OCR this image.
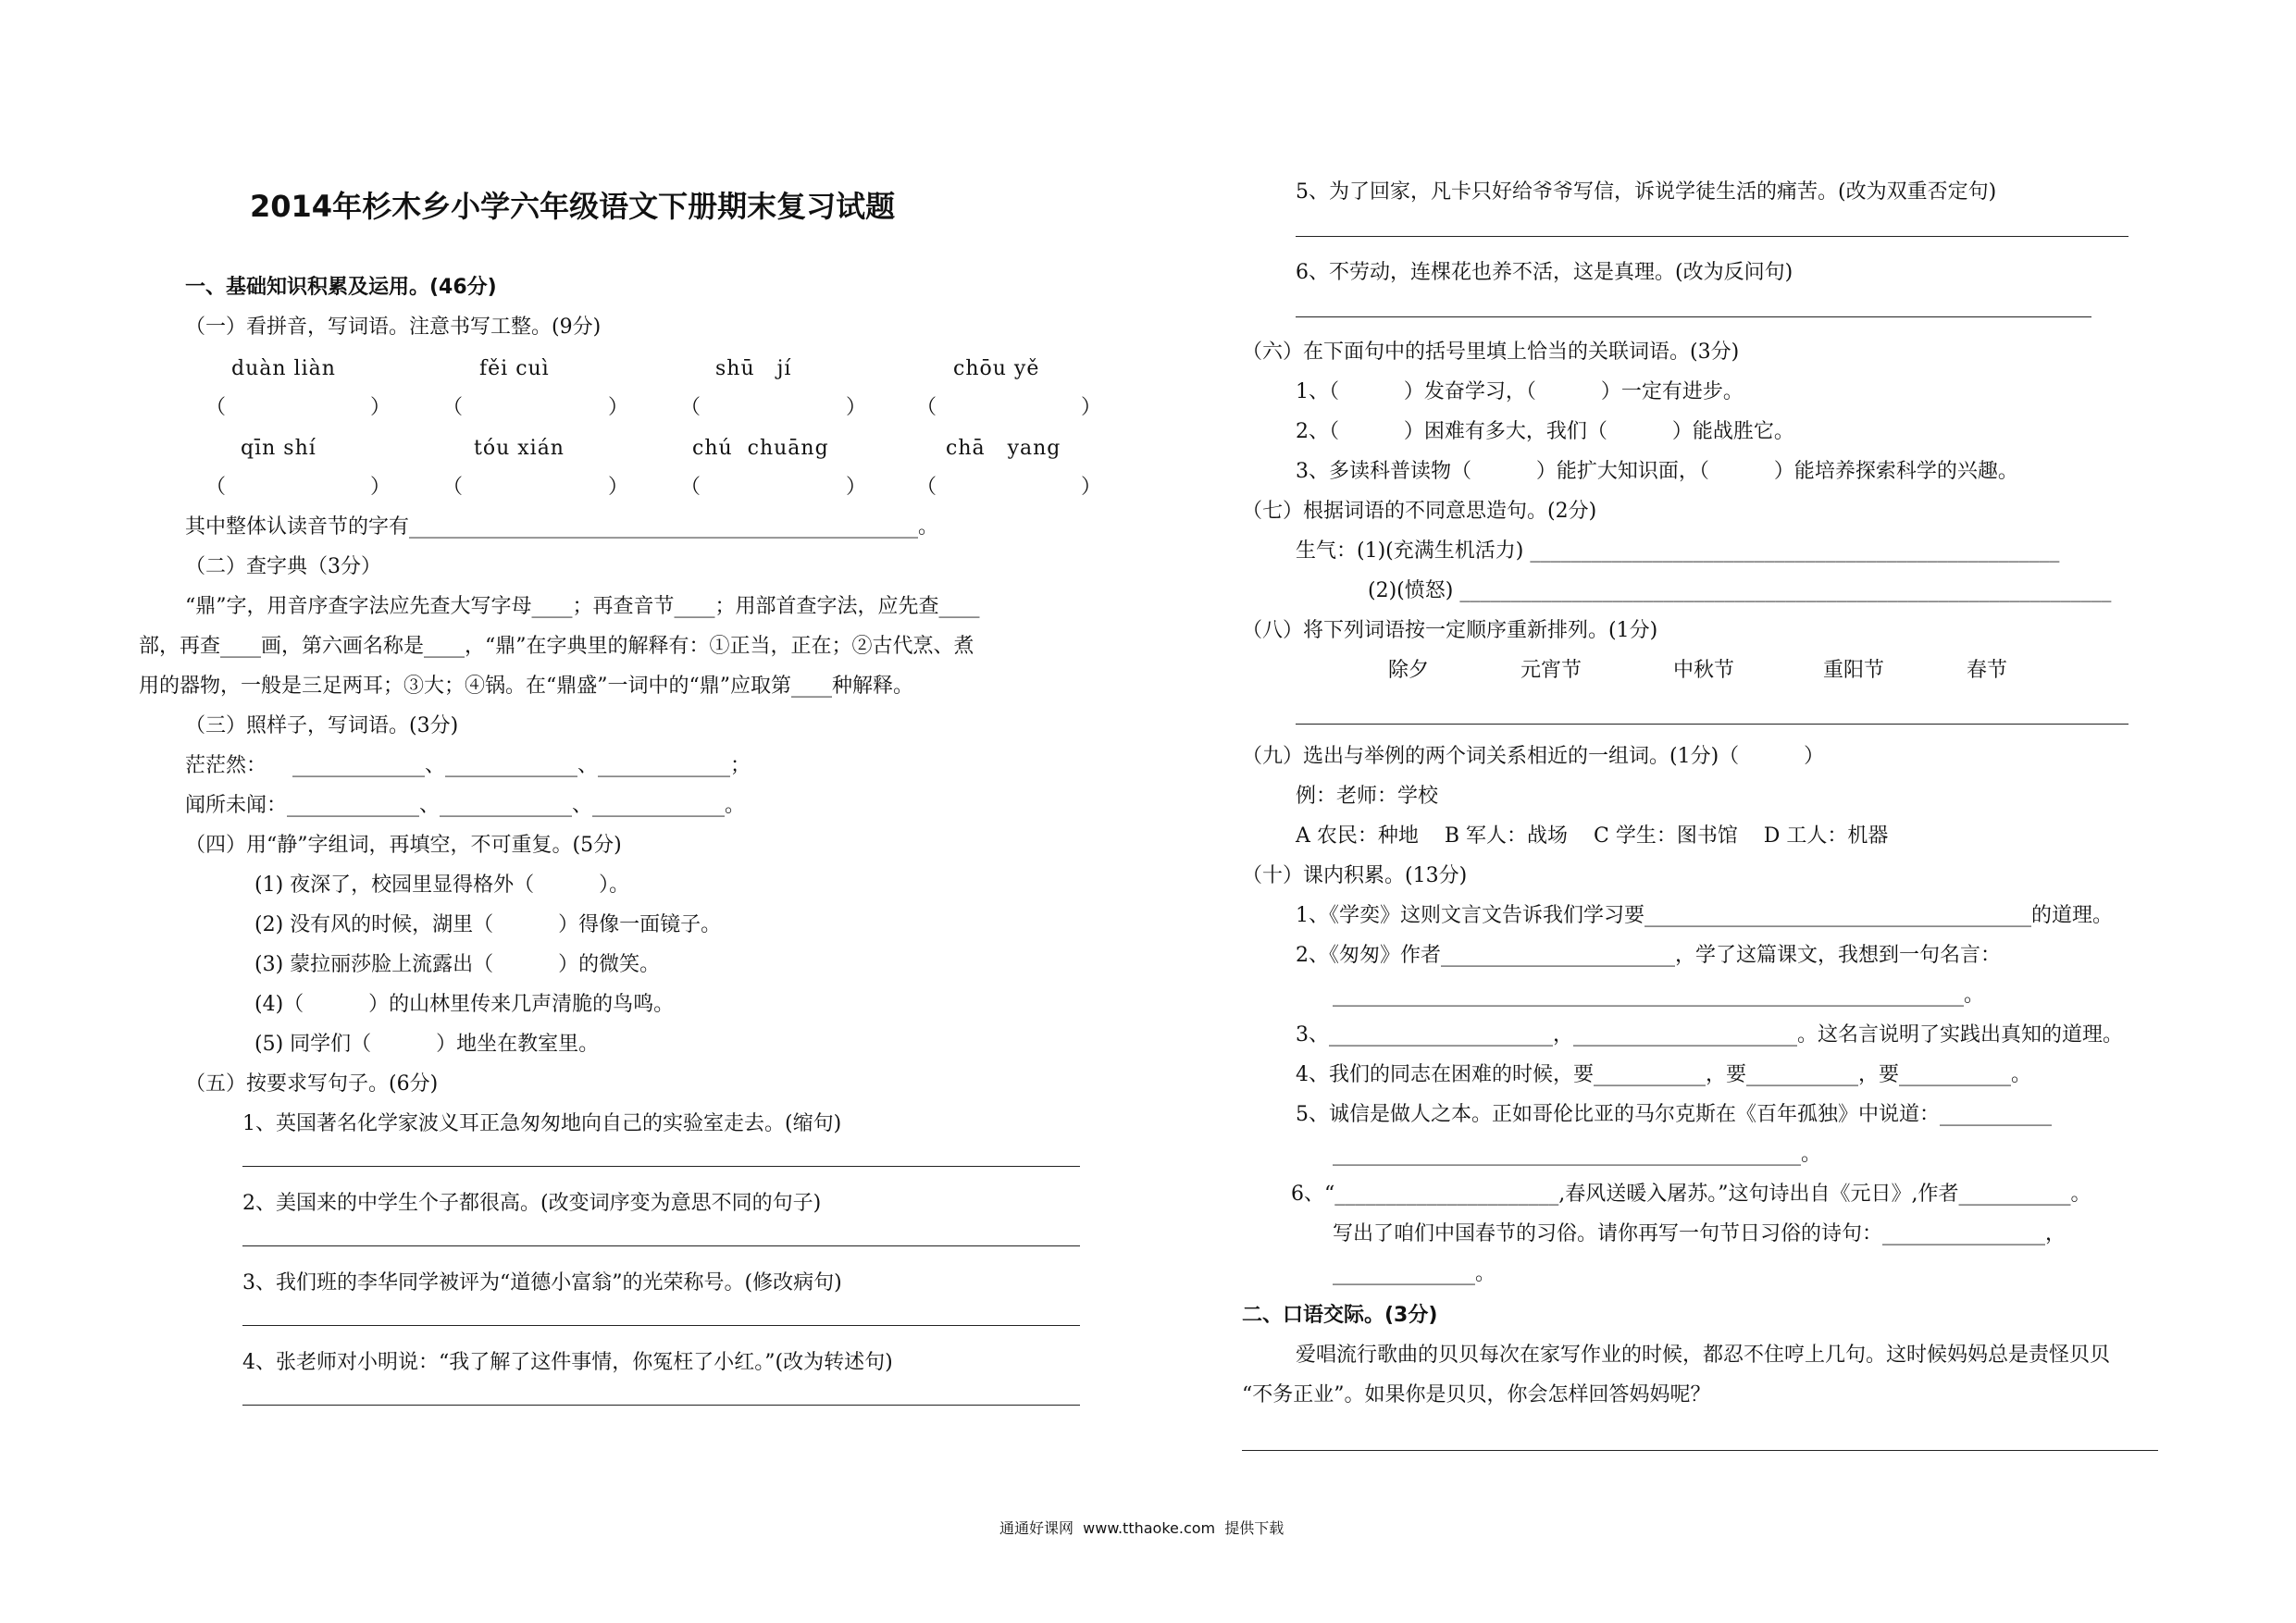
2014年杉木乡小学六年级语文下册期末复习试题
一、基础知识积累及运用。(46分)
（一）看拼音，写词语。注意书写工整。(9分)
duàn liàn	fěi cuì	shū   jí	chōu yě
（	）	（	）	（	） （	）
qīn shí	tóu xián	chú  chuāng	chā   yang
（	）	（	）	（	） （	）
其中整体认读音节的字有__________________________________________________。
（二）查字典（3分）
“鼎”字，用音序查字法应先查大写字母____；再查音节____；用部首查字法，应先查____
部，再查____画，第六画名称是____，“鼎”在字典里的解释有：①正当，正在；②古代烹、煮
用的器物，一般是三足两耳；③大；④锅。在“鼎盛”一词中的“鼎”应取第____种解释。
（三）照样子，写词语。(3分)
茫茫然：    _____________、_____________、_____________；
闻所未闻：_____________、_____________、_____________。
（四）用“静”字组词，再填空，不可重复。(5分)
(1) 夜深了，校园里显得格外（          ）。
(2) 没有风的时候，湖里（          ）得像一面镜子。
(3) 蒙拉丽莎脸上流露出（          ）的微笑。
(4)（          ）的山林里传来几声清脆的鸟鸣。
(5) 同学们（          ）地坐在教室里。
（五）按要求写句子。(6分)
1、英国著名化学家波义耳正急匆匆地向自己的实验室走去。(缩句)
2、美国来的中学生个子都很高。(改变词序变为意思不同的句子)
3、我们班的李华同学被评为“道德小富翁”的光荣称号。(修改病句)
4、张老师对小明说：“我了解了这件事情，你冤枉了小红。”(改为转述句)
5、为了回家，凡卡只好给爷爷写信，诉说学徒生活的痛苦。(改为双重否定句)
6、不劳动，连棵花也养不活，这是真理。(改为反问句)
（六）在下面句中的括号里填上恰当的关联词语。(3分)
1、（          ）发奋学习，（          ）一定有进步。
2、（          ）困难有多大，我们（          ）能战胜它。
3、多读科普读物（          ）能扩大知识面，（          ）能培养探索科学的兴趣。
（七）根据词语的不同意思造句。(2分)
生气：(1)(充满生机活力) ____________________________________________________
(2)(愤怒) ________________________________________________________________
（八）将下列词语按一定顺序重新排列。(1分)
除夕	元宵节	中秋节	重阳节	春节
（九）选出与举例的两个词关系相近的一组词。(1分)（          ）
例：老师：学校
A 农民：种地    B 军人：战场    C 学生：图书馆    D 工人：机器
（十）课内积累。(13分)
1、《学奕》这则文言文告诉我们学习要______________________________________的道理。
2、《匆匆》作者_______________________，学了这篇课文，我想到一句名言：
______________________________________________________________。
3、______________________，______________________。这名言说明了实践出真知的道理。
4、我们的同志在困难的时候，要___________，要___________，要___________。
5、诚信是做人之本。正如哥伦比亚的马尔克斯在《百年孤独》中说道：___________
______________________________________________。
6、“______________________,春风送暖入屠苏。”这句诗出自《元日》,作者___________。
写出了咱们中国春节的习俗。请你再写一句节日习俗的诗句：________________，
______________。
二、口语交际。(3分)
爱唱流行歌曲的贝贝每次在家写作业的时候，都忍不住哼上几句。这时候妈妈总是责怪贝贝
“不务正业”。如果你是贝贝，你会怎样回答妈妈呢？
通通好课网  www.tthaoke.com  提供下载
